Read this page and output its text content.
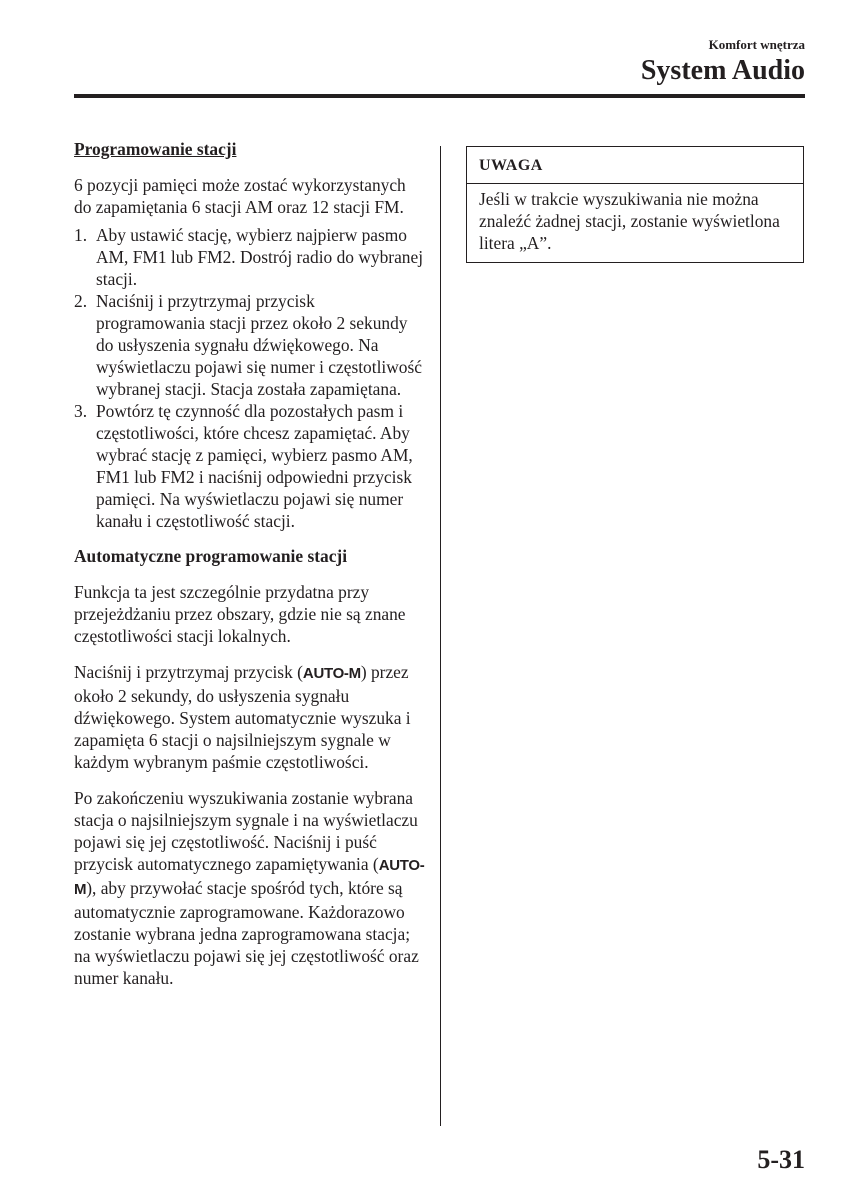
Komfort wnętrza
System Audio

Programowanie stacji

6 pozycji pamięci może zostać wykorzystanych do zapamiętania 6 stacji AM oraz 12 stacji FM.

1. Aby ustawić stację, wybierz najpierw pasmo AM, FM1 lub FM2. Dostrój radio do wybranej stacji.
2. Naciśnij i przytrzymaj przycisk programowania stacji przez około 2 sekundy do usłyszenia sygnału dźwiękowego. Na wyświetlaczu pojawi się numer i częstotliwość wybranej stacji. Stacja została zapamiętana.
3. Powtórz tę czynność dla pozostałych pasm i częstotliwości, które chcesz zapamiętać. Aby wybrać stację z pamięci, wybierz pasmo AM, FM1 lub FM2 i naciśnij odpowiedni przycisk pamięci. Na wyświetlaczu pojawi się numer kanału i częstotliwość stacji.

Automatyczne programowanie stacji

Funkcja ta jest szczególnie przydatna przy przejeżdżaniu przez obszary, gdzie nie są znane częstotliwości stacji lokalnych.

Naciśnij i przytrzymaj przycisk (AUTO-M) przez około 2 sekundy, do usłyszenia sygnału dźwiękowego. System automatycznie wyszuka i zapamięta 6 stacji o najsilniejszym sygnale w każdym wybranym paśmie częstotliwości.

Po zakończeniu wyszukiwania zostanie wybrana stacja o najsilniejszym sygnale i na wyświetlaczu pojawi się jej częstotliwość. Naciśnij i puść przycisk automatycznego zapamiętywania (AUTO-M), aby przywołać stacje spośród tych, które są automatycznie zaprogramowane. Każdorazowo zostanie wybrana jedna zaprogramowana stacja; na wyświetlaczu pojawi się jej częstotliwość oraz numer kanału.

UWAGA
Jeśli w trakcie wyszukiwania nie można znaleźć żadnej stacji, zostanie wyświetlona litera „A”.
5-31
